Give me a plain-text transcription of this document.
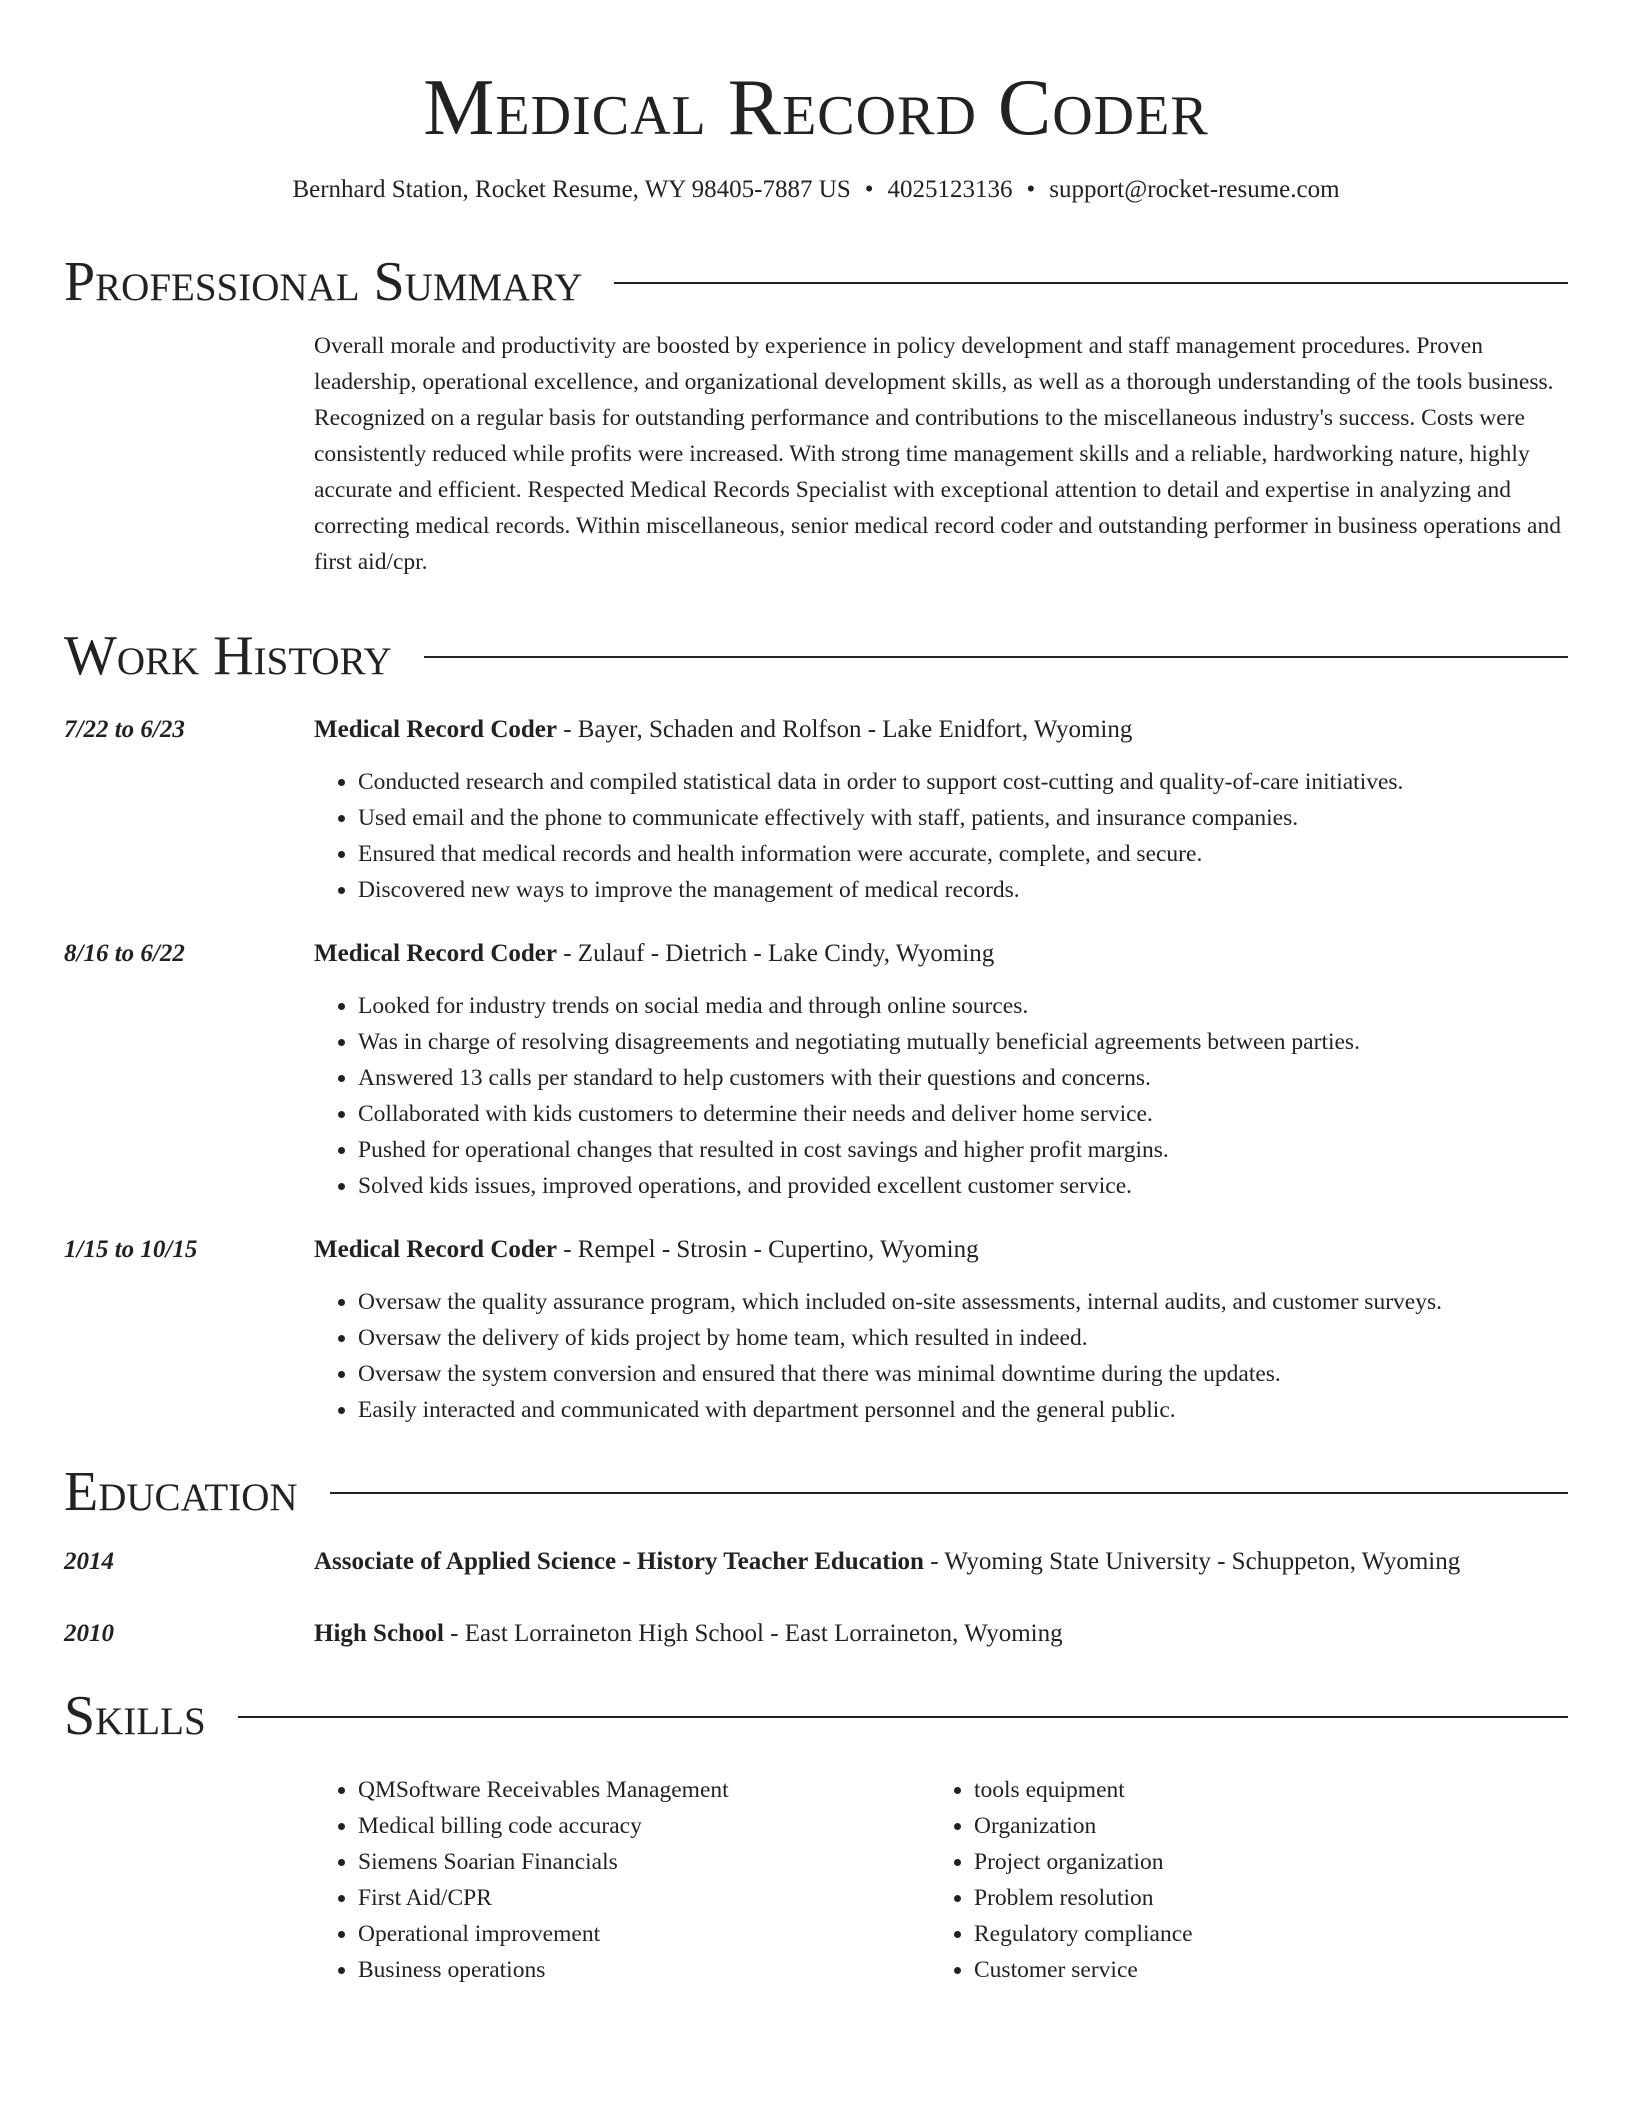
Medical Record Coder
Bernhard Station, Rocket Resume, WY 98405-7887 US • 4025123136 • support@rocket-resume.com
Professional Summary
Overall morale and productivity are boosted by experience in policy development and staff management procedures. Proven leadership, operational excellence, and organizational development skills, as well as a thorough understanding of the tools business. Recognized on a regular basis for outstanding performance and contributions to the miscellaneous industry's success. Costs were consistently reduced while profits were increased. With strong time management skills and a reliable, hardworking nature, highly accurate and efficient. Respected Medical Records Specialist with exceptional attention to detail and expertise in analyzing and correcting medical records. Within miscellaneous, senior medical record coder and outstanding performer in business operations and first aid/cpr.
Work History
7/22 to 6/23	Medical Record Coder - Bayer, Schaden and Rolfson - Lake Enidfort, Wyoming
• Conducted research and compiled statistical data in order to support cost-cutting and quality-of-care initiatives.
• Used email and the phone to communicate effectively with staff, patients, and insurance companies.
• Ensured that medical records and health information were accurate, complete, and secure.
• Discovered new ways to improve the management of medical records.
8/16 to 6/22	Medical Record Coder - Zulauf - Dietrich - Lake Cindy, Wyoming
• Looked for industry trends on social media and through online sources.
• Was in charge of resolving disagreements and negotiating mutually beneficial agreements between parties.
• Answered 13 calls per standard to help customers with their questions and concerns.
• Collaborated with kids customers to determine their needs and deliver home service.
• Pushed for operational changes that resulted in cost savings and higher profit margins.
• Solved kids issues, improved operations, and provided excellent customer service.
1/15 to 10/15	Medical Record Coder - Rempel - Strosin - Cupertino, Wyoming
• Oversaw the quality assurance program, which included on-site assessments, internal audits, and customer surveys.
• Oversaw the delivery of kids project by home team, which resulted in indeed.
• Oversaw the system conversion and ensured that there was minimal downtime during the updates.
• Easily interacted and communicated with department personnel and the general public.
Education
2014	Associate of Applied Science - History Teacher Education - Wyoming State University - Schuppeton, Wyoming
2010	High School - East Lorraineton High School - East Lorraineton, Wyoming
Skills
• QMSoftware Receivables Management
• Medical billing code accuracy
• Siemens Soarian Financials
• First Aid/CPR
• Operational improvement
• Business operations
• tools equipment
• Organization
• Project organization
• Problem resolution
• Regulatory compliance
• Customer service
